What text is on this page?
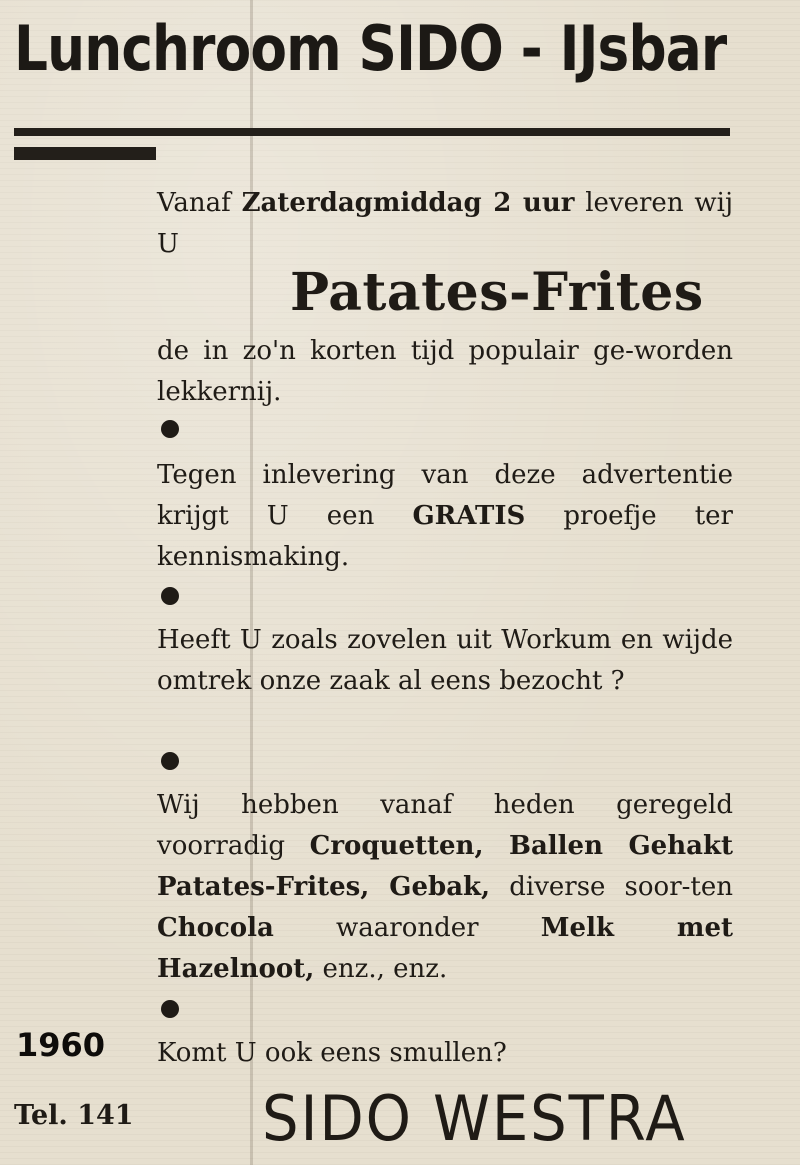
Lunchroom SIDO - IJsbar

Vanaf Zaterdagmiddag 2 uur leveren wij U

Patates-Frites

de in zo'n korten tijd populair ge-worden lekkernij.

Tegen inlevering van deze advertentie krijgt U een GRATIS proefje ter kennismaking.

Heeft U zoals zovelen uit Workum en wijde omtrek onze zaak al eens bezocht ?

Wij hebben vanaf heden geregeld voorradig Croquetten, Ballen Gehakt Patates-Frites, Gebak, diverse soor-ten Chocola waaronder Melk met Hazelnoot, enz., enz.

Komt U ook eens smullen?

1960
Tel. 141 SIDO WESTRA
